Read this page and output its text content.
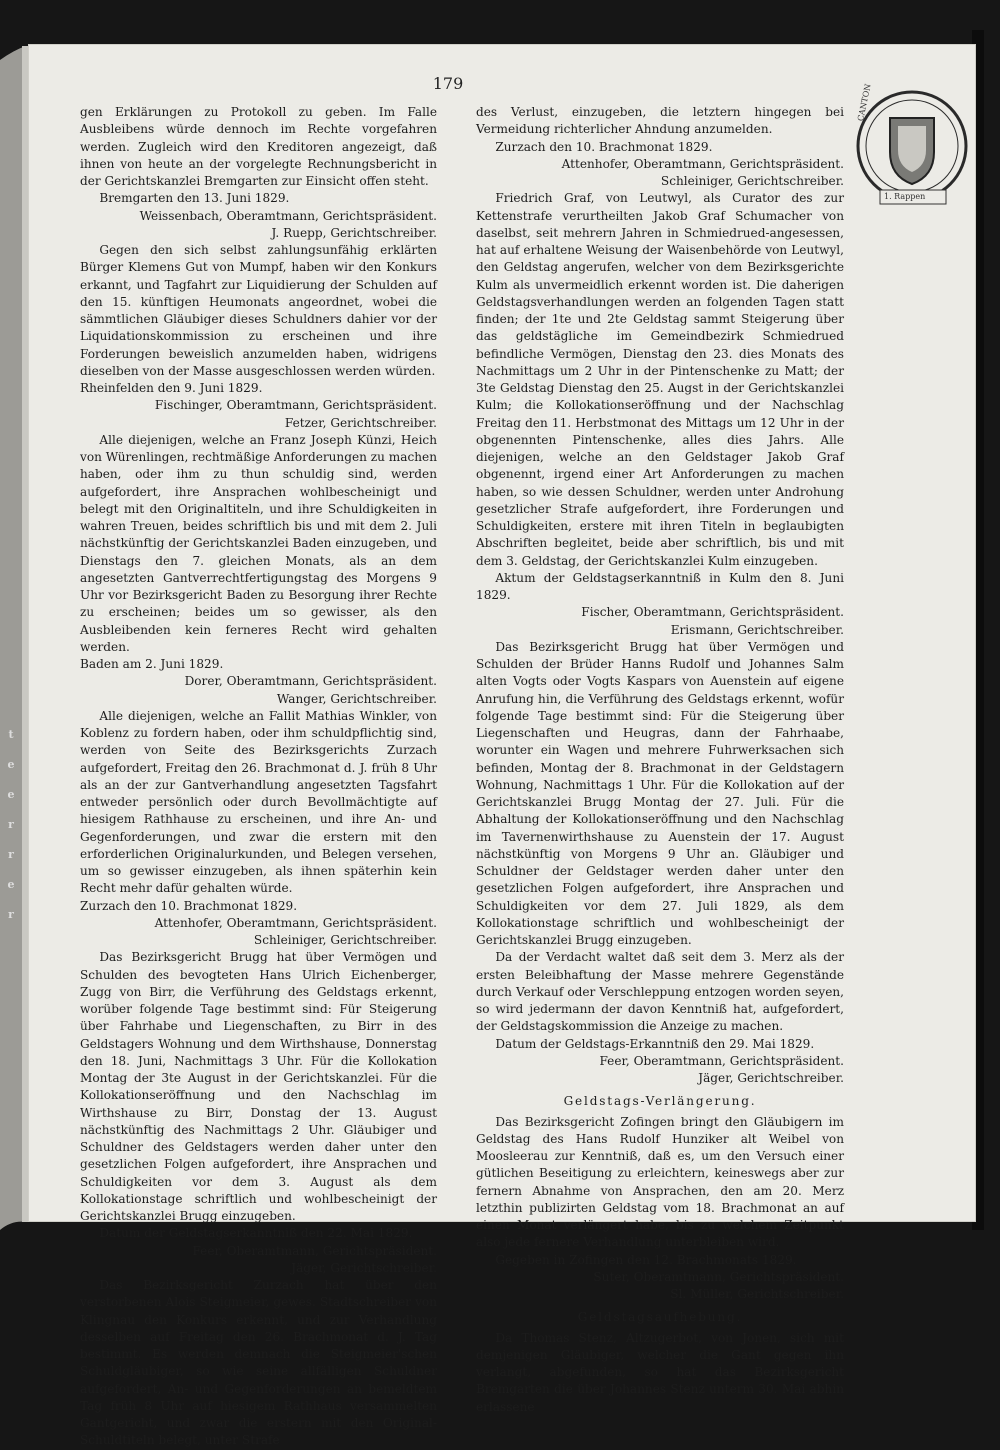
CANTON
1. Rappen
t
e
e
r
r
e
r
179

gen Erklärungen zu Protokoll zu geben. Im Falle Ausbleibens würde dennoch im Rechte vorgefahren werden. Zugleich wird den Kreditoren angezeigt, daß ihnen von heute an der vorgelegte Rechnungsbericht in der Gerichtskanzlei Bremgarten zur Einsicht offen steht.

Bremgarten den 13. Juni 1829.

Weissenbach, Oberamtmann, Gerichtspräsident.

J. Ruepp, Gerichtschreiber.

Gegen den sich selbst zahlungsunfähig erklärten Bürger Klemens Gut von Mumpf, haben wir den Konkurs erkannt, und Tagfahrt zur Liquidierung der Schulden auf den 15. künftigen Heumonats angeordnet, wobei die sämmtlichen Gläubiger dieses Schuldners dahier vor der Liquidationskommission zu erscheinen und ihre Forderungen beweislich anzumelden haben, widrigens dieselben von der Masse ausgeschlossen werden würden.

Rheinfelden den 9. Juni 1829.

Fischinger, Oberamtmann, Gerichtspräsident.

Fetzer, Gerichtschreiber.

Alle diejenigen, welche an Franz Joseph Künzi, Heich von Würenlingen, rechtmäßige Anforderungen zu machen haben, oder ihm zu thun schuldig sind, werden aufgefordert, ihre Ansprachen wohlbescheinigt und belegt mit den Originaltiteln, und ihre Schuldigkeiten in wahren Treuen, beides schriftlich bis und mit dem 2. Juli nächstkünftig der Gerichtskanzlei Baden einzugeben, und Dienstags den 7. gleichen Monats, als an dem angesetzten Gantverrechtfertigungstag des Morgens 9 Uhr vor Bezirksgericht Baden zu Besorgung ihrer Rechte zu erscheinen; beides um so gewisser, als den Ausbleibenden kein ferneres Recht wird gehalten werden.

Baden am 2. Juni 1829.

Dorer, Oberamtmann, Gerichtspräsident.

Wanger, Gerichtschreiber.

Alle diejenigen, welche an Fallit Mathias Winkler, von Koblenz zu fordern haben, oder ihm schuldpflichtig sind, werden von Seite des Bezirksgerichts Zurzach aufgefordert, Freitag den 26. Brachmonat d. J. früh 8 Uhr als an der zur Gantverhandlung angesetzten Tagsfahrt entweder persönlich oder durch Bevollmächtigte auf hiesigem Rathhause zu erscheinen, und ihre An- und Gegenforderungen, und zwar die erstern mit den erforderlichen Originalurkunden, und Belegen versehen, um so gewisser einzugeben, als ihnen späterhin kein Recht mehr dafür gehalten würde.

Zurzach den 10. Brachmonat 1829.

Attenhofer, Oberamtmann, Gerichtspräsident.

Schleiniger, Gerichtschreiber.

Das Bezirksgericht Brugg hat über Vermögen und Schulden des bevogteten Hans Ulrich Eichenberger, Zugg von Birr, die Verführung des Geldstags erkennt, worüber folgende Tage bestimmt sind: Für Steigerung über Fahrhabe und Liegenschaften, zu Birr in des Geldstagers Wohnung und dem Wirthshause, Donnerstag den 18. Juni, Nachmittags 3 Uhr. Für die Kollokation Montag der 3te August in der Gerichtskanzlei. Für die Kollokationseröffnung und den Nachschlag im Wirthshause zu Birr, Donstag der 13. August nächstkünftig des Nachmittags 2 Uhr. Gläubiger und Schuldner des Geldstagers werden daher unter den gesetzlichen Folgen aufgefordert, ihre Ansprachen und Schuldigkeiten vor dem 3. August als dem Kollokationstage schriftlich und wohlbescheinigt der Gerichtskanzlei Brugg einzugeben.

Datum der Geldstagserkanntniß den 22. Mai 1829.

Feer, Oberamtmann, Gerichtspräsident.

Jäger, Gerichtschreiber.

Das Bezirksgericht Zurzach hat über den verstorbenen Alois Steigmeier, gewes. Stadtschreiber von Klingnau den Konkurs erkennt, und zur Verhandlung desselben auf Freitag den 26. Brachmonat d. J. Tag bestimmt. Es werden demnach die Steigmeier'schen Schuldgläubiger, so wie seine allfälligen Schuldner aufgefordert, An- und Gegenforderungen an bemeldtem Tag früh 8 Uhr auf hiesigem Rathhaus versammelten Gantgericht, und zwar die erstern mit den Original-Schuldtiteln belegt, unter Strafe

des Verlust, einzugeben, die letztern hingegen bei Vermeidung richterlicher Ahndung anzumelden.

Zurzach den 10. Brachmonat 1829.

Attenhofer, Oberamtmann, Gerichtspräsident.

Schleiniger, Gerichtschreiber.

Friedrich Graf, von Leutwyl, als Curator des zur Kettenstrafe verurtheilten Jakob Graf Schumacher von daselbst, seit mehrern Jahren in Schmiedrued-angesessen, hat auf erhaltene Weisung der Waisenbehörde von Leutwyl, den Geldstag angerufen, welcher von dem Bezirksgerichte Kulm als unvermeidlich erkennt worden ist. Die daherigen Geldstagsverhandlungen werden an folgenden Tagen statt finden; der 1te und 2te Geldstag sammt Steigerung über das geldstägliche im Gemeindbezirk Schmiedrued befindliche Vermögen, Dienstag den 23. dies Monats des Nachmittags um 2 Uhr in der Pintenschenke zu Matt; der 3te Geldstag Dienstag den 25. Augst in der Gerichtskanzlei Kulm; die Kollokationseröffnung und der Nachschlag Freitag den 11. Herbstmonat des Mittags um 12 Uhr in der obgenennten Pintenschenke, alles dies Jahrs. Alle diejenigen, welche an den Geldstager Jakob Graf obgenennt, irgend einer Art Anforderungen zu machen haben, so wie dessen Schuldner, werden unter Androhung gesetzlicher Strafe aufgefordert, ihre Forderungen und Schuldigkeiten, erstere mit ihren Titeln in beglaubigten Abschriften begleitet, beide aber schriftlich, bis und mit dem 3. Geldstag, der Gerichtskanzlei Kulm einzugeben.

Aktum der Geldstagserkanntniß in Kulm den 8. Juni 1829.

Fischer, Oberamtmann, Gerichtspräsident.

Erismann, Gerichtschreiber.

Das Bezirksgericht Brugg hat über Vermögen und Schulden der Brüder Hanns Rudolf und Johannes Salm alten Vogts oder Vogts Kaspars von Auenstein auf eigene Anrufung hin, die Verführung des Geldstags erkennt, wofür folgende Tage bestimmt sind: Für die Steigerung über Liegenschaften und Heugras, dann der Fahrhaabe, worunter ein Wagen und mehrere Fuhrwerksachen sich befinden, Montag der 8. Brachmonat in der Geldstagern Wohnung, Nachmittags 1 Uhr. Für die Kollokation auf der Gerichtskanzlei Brugg Montag der 27. Juli. Für die Abhaltung der Kollokationseröffnung und den Nachschlag im Tavernenwirthshause zu Auenstein der 17. August nächstkünftig von Morgens 9 Uhr an. Gläubiger und Schuldner der Geldstager werden daher unter den gesetzlichen Folgen aufgefordert, ihre Ansprachen und Schuldigkeiten vor dem 27. Juli 1829, als dem Kollokationstage schriftlich und wohlbescheinigt der Gerichtskanzlei Brugg einzugeben.

Da der Verdacht waltet daß seit dem 3. Merz als der ersten Beleibhaftung der Masse mehrere Gegenstände durch Verkauf oder Verschleppung entzogen worden seyen, so wird jedermann der davon Kenntniß hat, aufgefordert, der Geldstagskommission die Anzeige zu machen.

Datum der Geldstags-Erkanntniß den 29. Mai 1829.

Feer, Oberamtmann, Gerichtspräsident.

Jäger, Gerichtschreiber.

Geldstags-Verlängerung.

Das Bezirksgericht Zofingen bringt den Gläubigern im Geldstag des Hans Rudolf Hunziker alt Weibel von Moosleerau zur Kenntniß, daß es, um den Versuch einer gütlichen Beseitigung zu erleichtern, keineswegs aber zur fernern Abnahme von Ansprachen, den am 20. Merz letzthin publizirten Geldstag vom 18. Brachmonat an auf einen Monat verlängert habe, bis zu welchem Zeitpunkt also jede fernere Verhandlung unterbleiben wird.

Gegeben in Zofingen den 12. Brachmonats 1829.

Suter, Oberamtmann, Gerichtspräsident.

Sl. Müller, Gerichtschreiber.

Geldstagsaufhebung.

Da Thomas Stenz, Altzugerbot, von Jonen, sich mit demjenigen Gläubiger, welcher die Gant gegen ihn verlangt, abgefunden, so hat das Bezirksgericht Bremgarten die über Johannes Stenz unterm 30. Mai abhin erlassene
